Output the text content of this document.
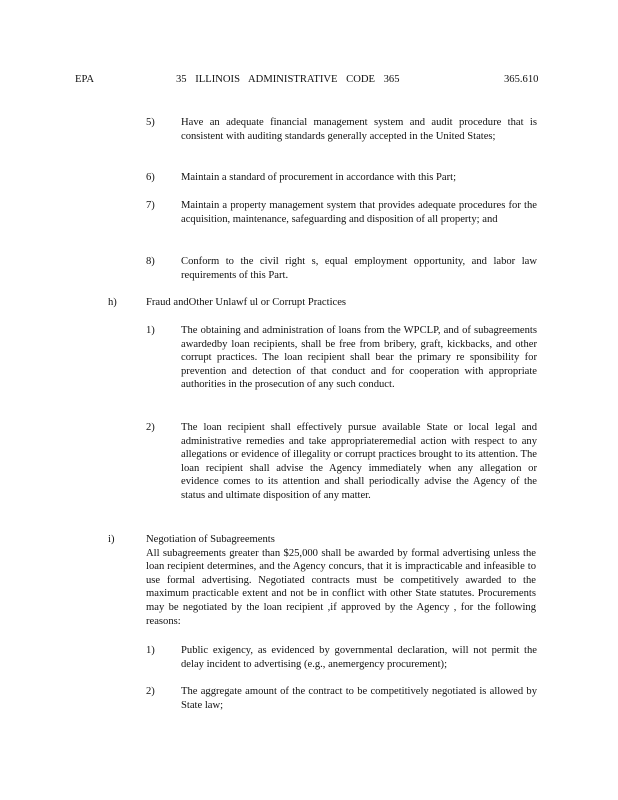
EPA	35 ILLINOIS ADMINISTRATIVE CODE 365	365.610
5) Have an adequate financial management system and audit procedure that is consistent with auditing standards generally accepted in the United States;
6) Maintain a standard of procurement in accordance with this Part;
7) Maintain a property management system that provides adequate procedures for the acquisition, maintenance, safeguarding and disposition of all property; and
8) Conform to the civil right s, equal employment opportunity, and labor law requirements of this Part.
h)	Fraud andOther Unlawf ul or Corrupt Practices
1) The obtaining and administration of loans from the WPCLP, and of subagreements awardedby loan recipients, shall be free from bribery, graft, kickbacks, and other corrupt practices. The loan recipient shall bear the primary re sponsibility for prevention and detection of that conduct and for cooperation with appropriate authorities in the prosecution of any such conduct.
2) The loan recipient shall effectively pursue available State or local legal and administrative remedies and take appropriateremedial action with respect to any allegations or evidence of illegality or corrupt practices brought to its attention. The loan recipient shall advise the Agency immediately when any allegation or evidence comes to its attention and shall periodically advise the Agency of the status and ultimate disposition of any matter.
i)	Negotiation of Subagreements
All subagreements greater than $25,000 shall be awarded by formal advertising unless the loan recipient determines, and the Agency concurs, that it is impracticable and infeasible to use formal advertising. Negotiated contracts must be competitively awarded to the maximum practicable extent and not be in conflict with other State statutes. Procurements may be negotiated by the loan recipient ,if approved by the Agency , for the following reasons:
1) Public exigency, as evidenced by governmental declaration, will not permit the delay incident to advertising (e.g., anemergency procurement);
2) The aggregate amount of the contract to be competitively negotiated is allowed by State law;
